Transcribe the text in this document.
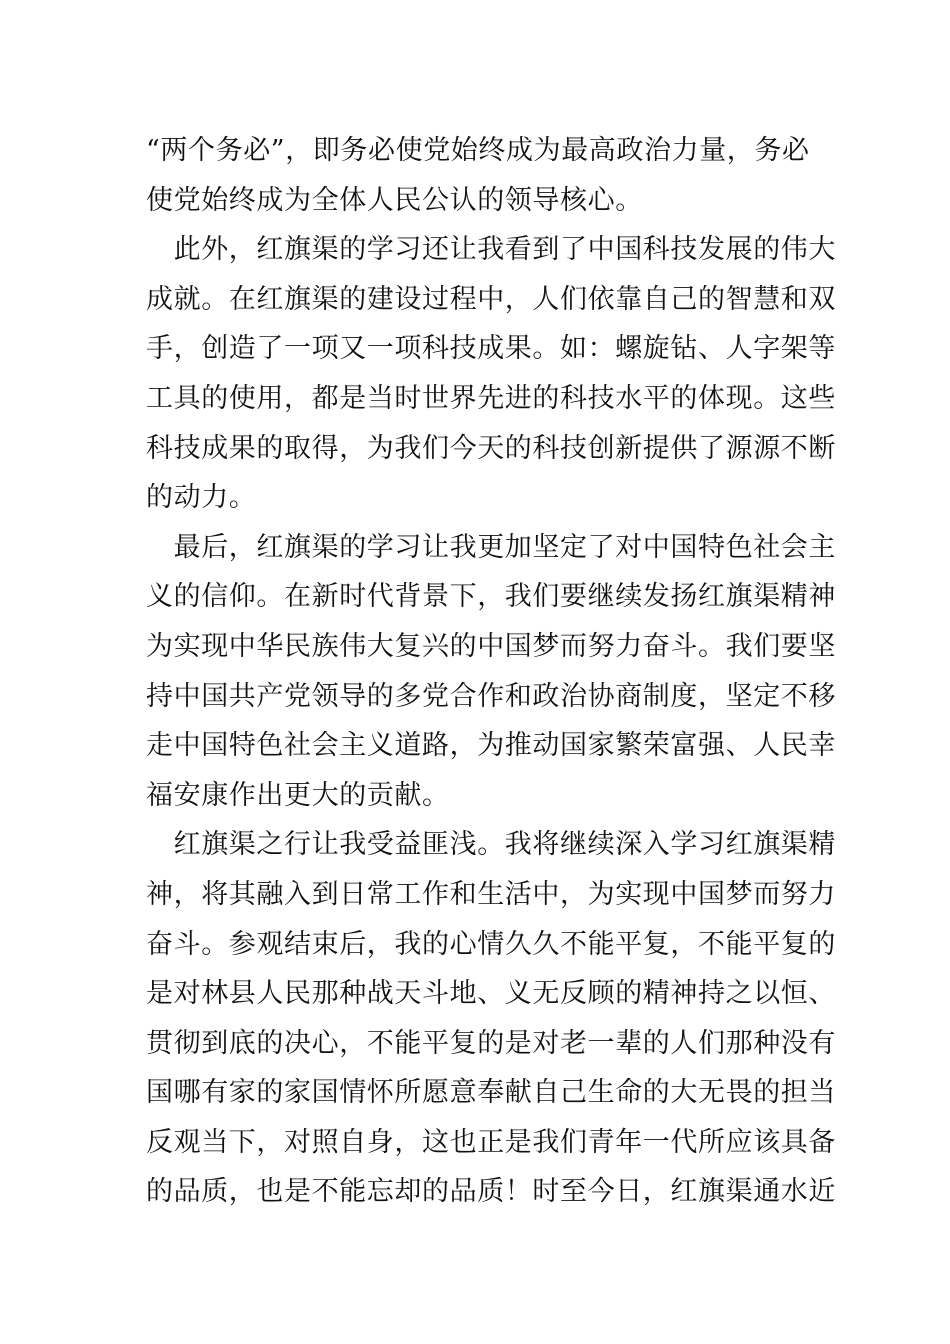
“两个务必”，即务必使党始终成为最高政治力量，务必
使党始终成为全体人民公认的领导核心。
　此外，红旗渠的学习还让我看到了中国科技发展的伟大
成就。在红旗渠的建设过程中，人们依靠自己的智慧和双
手，创造了一项又一项科技成果。如：螺旋钻、人字架等
工具的使用，都是当时世界先进的科技水平的体现。这些
科技成果的取得，为我们今天的科技创新提供了源源不断
的动力。
　最后，红旗渠的学习让我更加坚定了对中国特色社会主
义的信仰。在新时代背景下，我们要继续发扬红旗渠精神
为实现中华民族伟大复兴的中国梦而努力奋斗。我们要坚
持中国共产党领导的多党合作和政治协商制度，坚定不移
走中国特色社会主义道路，为推动国家繁荣富强、人民幸
福安康作出更大的贡献。
　红旗渠之行让我受益匪浅。我将继续深入学习红旗渠精
神，将其融入到日常工作和生活中，为实现中国梦而努力
奋斗。参观结束后，我的心情久久不能平复，不能平复的
是对林县人民那种战天斗地、义无反顾的精神持之以恒、
贯彻到底的决心，不能平复的是对老一辈的人们那种没有
国哪有家的家国情怀所愿意奉献自己生命的大无畏的担当
反观当下，对照自身，这也正是我们青年一代所应该具备
的品质，也是不能忘却的品质！时至今日，红旗渠通水近
